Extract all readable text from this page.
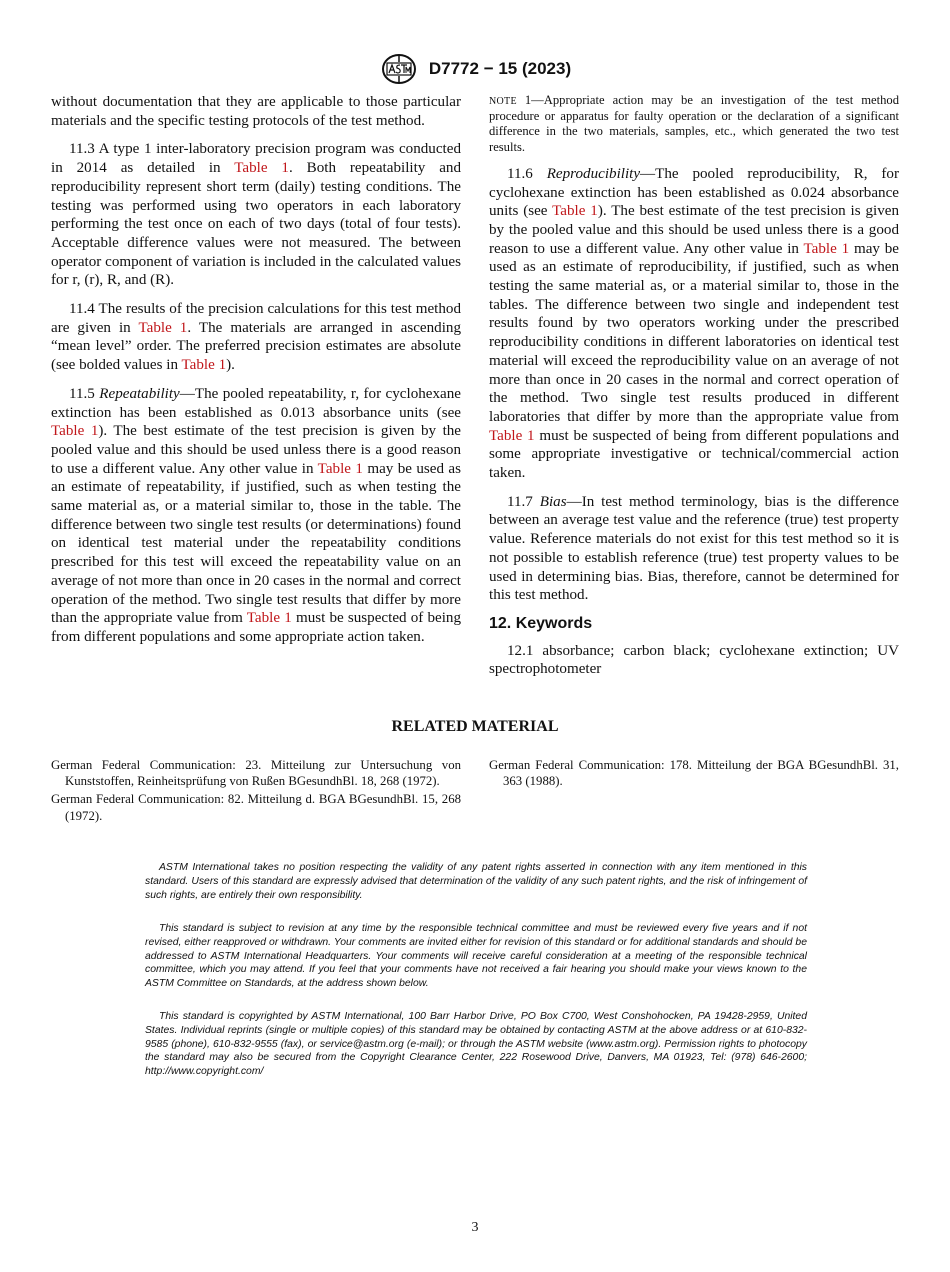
D7772 − 15 (2023)

without documentation that they are applicable to those particular materials and the specific testing protocols of the test method.

11.3 A type 1 inter-laboratory precision program was conducted in 2014 as detailed in Table 1. Both repeatability and reproducibility represent short term (daily) testing conditions. The testing was performed using two operators in each laboratory performing the test once on each of two days (total of four tests). Acceptable difference values were not measured. The between operator component of variation is included in the calculated values for r, (r), R, and (R).

11.4 The results of the precision calculations for this test method are given in Table 1. The materials are arranged in ascending “mean level” order. The preferred precision estimates are absolute (see bolded values in Table 1).

11.5 Repeatability—The pooled repeatability, r, for cyclohexane extinction has been established as 0.013 absorbance units (see Table 1). The best estimate of the test precision is given by the pooled value and this should be used unless there is a good reason to use a different value. Any other value in Table 1 may be used as an estimate of repeatability, if justified, such as when testing the same material as, or a material similar to, those in the table. The difference between two single test results (or determinations) found on identical test material under the repeatability conditions prescribed for this test will exceed the repeatability value on an average of not more than once in 20 cases in the normal and correct operation of the method. Two single test results that differ by more than the appropriate value from Table 1 must be suspected of being from different populations and some appropriate action taken.

NOTE 1—Appropriate action may be an investigation of the test method procedure or apparatus for faulty operation or the declaration of a significant difference in the two materials, samples, etc., which generated the two test results.

11.6 Reproducibility—The pooled reproducibility, R, for cyclohexane extinction has been established as 0.024 absorbance units (see Table 1). The best estimate of the test precision is given by the pooled value and this should be used unless there is a good reason to use a different value. Any other value in Table 1 may be used as an estimate of reproducibility, if justified, such as when testing the same material as, or a material similar to, those in the tables. The difference between two single and independent test results found by two operators working under the prescribed reproducibility conditions in different laboratories on identical test material will exceed the reproducibility value on an average of not more than once in 20 cases in the normal and correct operation of the method. Two single test results produced in different laboratories that differ by more than the appropriate value from Table 1 must be suspected of being from different populations and some appropriate investigative or technical/commercial action taken.

11.7 Bias—In test method terminology, bias is the difference between an average test value and the reference (true) test property value. Reference materials do not exist for this test method so it is not possible to establish reference (true) test property values to be used in determining bias. Bias, therefore, cannot be determined for this test method.

12. Keywords

12.1 absorbance; carbon black; cyclohexane extinction; UV spectrophotometer

RELATED MATERIAL

German Federal Communication: 23. Mitteilung zur Untersuchung von Kunststoffen, Reinheitsprüfung von Rußen BGesundhBl. 18, 268 (1972).

German Federal Communication: 82. Mitteilung d. BGA BGesundhBl. 15, 268 (1972).

German Federal Communication: 178. Mitteilung der BGA BGesundhBl. 31, 363 (1988).

ASTM International takes no position respecting the validity of any patent rights asserted in connection with any item mentioned in this standard. Users of this standard are expressly advised that determination of the validity of any such patent rights, and the risk of infringement of such rights, are entirely their own responsibility.

This standard is subject to revision at any time by the responsible technical committee and must be reviewed every five years and if not revised, either reapproved or withdrawn. Your comments are invited either for revision of this standard or for additional standards and should be addressed to ASTM International Headquarters. Your comments will receive careful consideration at a meeting of the responsible technical committee, which you may attend. If you feel that your comments have not received a fair hearing you should make your views known to the ASTM Committee on Standards, at the address shown below.

This standard is copyrighted by ASTM International, 100 Barr Harbor Drive, PO Box C700, West Conshohocken, PA 19428-2959, United States. Individual reprints (single or multiple copies) of this standard may be obtained by contacting ASTM at the above address or at 610-832-9585 (phone), 610-832-9555 (fax), or service@astm.org (e-mail); or through the ASTM website (www.astm.org). Permission rights to photocopy the standard may also be secured from the Copyright Clearance Center, 222 Rosewood Drive, Danvers, MA 01923, Tel: (978) 646-2600; http://www.copyright.com/

3
